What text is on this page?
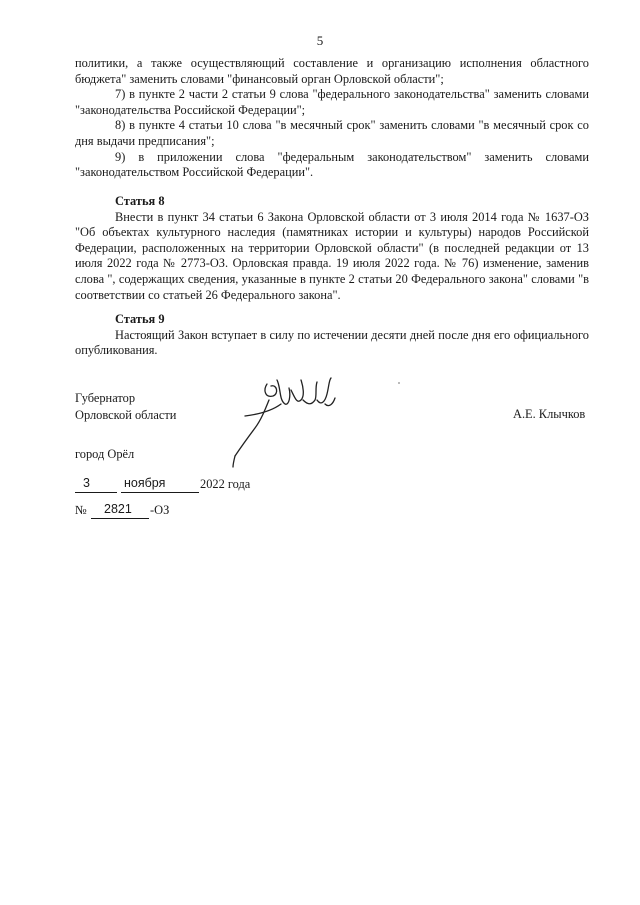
5

политики, а также осуществляющий составление и организацию исполнения областного бюджета" заменить словами "финансовый орган Орловской области";

7) в пункте 2 части 2 статьи 9 слова "федерального законодательства" заменить словами "законодательства Российской Федерации";

8) в пункте 4 статьи 10 слова "в месячный срок" заменить словами "в месячный срок со дня выдачи предписания";

9) в приложении слова "федеральным законодательством" заменить словами "законодательством Российской Федерации".

Статья 8

Внести в пункт 34 статьи 6 Закона Орловской области от 3 июля 2014 года № 1637-ОЗ "Об объектах культурного наследия (памятниках истории и культуры) народов Российской Федерации, расположенных на территории Орловской области" (в последней редакции от 13 июля 2022 года № 2773-ОЗ. Орловская правда. 19 июля 2022 года. № 76) изменение, заменив слова ", содержащих сведения, указанные в пункте 2 статьи 20 Федерального закона" словами "в соответствии со статьей 26 Федерального закона".

Статья 9

Настоящий Закон вступает в силу по истечении десяти дней после дня его официального опубликования.

Губернатор
Орловской области	А.Е. Клычков
город Орёл
3	ноября	2022 года
№ 2821 -ОЗ
